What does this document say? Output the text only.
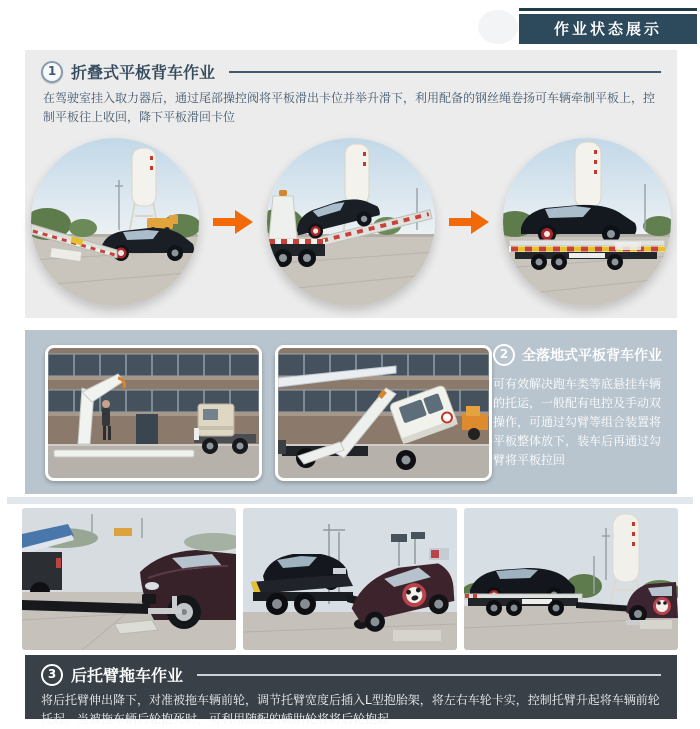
作业状态展示
1 折叠式平板背车作业

在驾驶室挂入取力器后，通过尾部操控阀将平板滑出卡位并举升滑下，利用配备的钢丝绳卷扬可车辆牵制平板上，控制平板往上收回，降下平板滑回卡位

2 全落地式平板背车作业

可有效解决跑车类等底悬挂车辆的托运，一般配有电控及手动双操作，可通过勾臂等组合装置将平板整体放下，装车后再通过勾臂将平板拉回

3 后托臂拖车作业

将后托臂伸出降下，对准被拖车辆前轮，调节托臂宽度后插入L型抱胎架，将左右车轮卡实，控制托臂升起将车辆前轮托起。当被拖车辆后轮抱死时，可利用随配的辅助轮将将后轮抱起
